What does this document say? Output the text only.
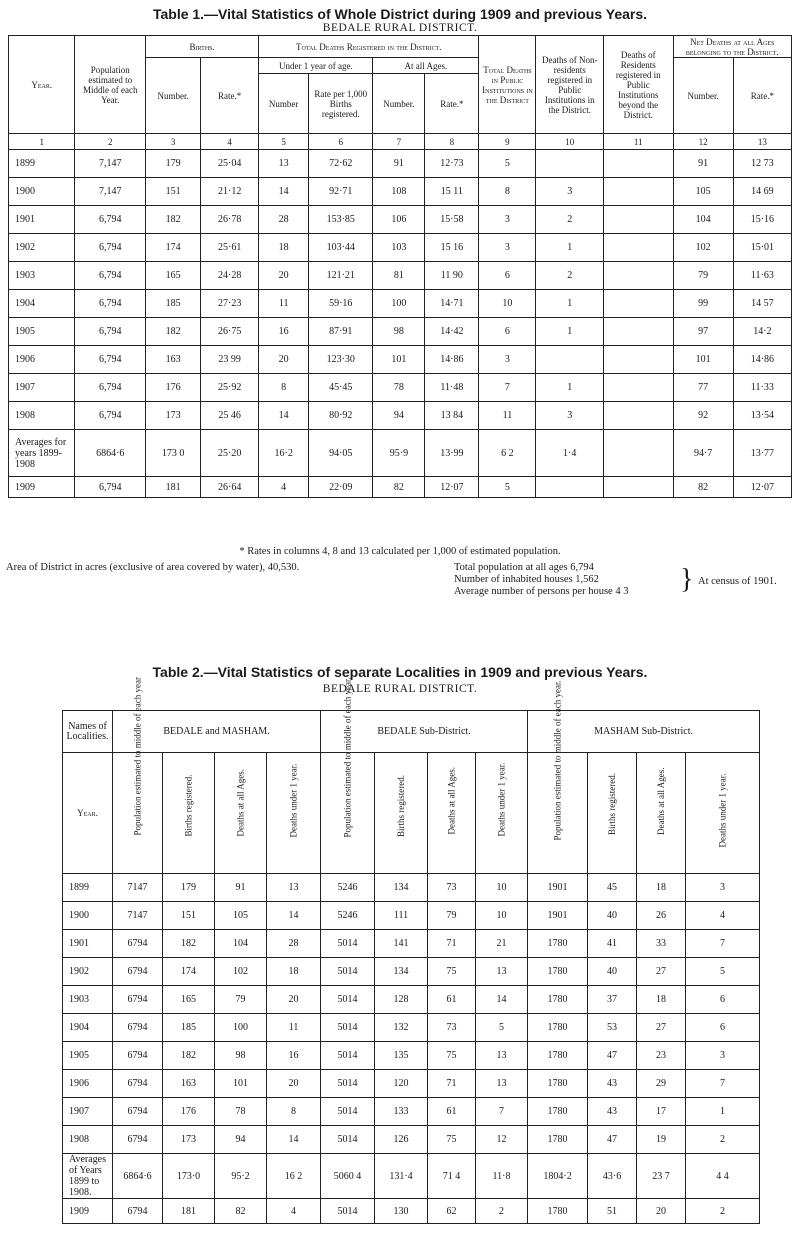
Table 1.—Vital Statistics of Whole District during 1909 and previous Years.
BEDALE RURAL DISTRICT.
Year.	Population estimated to Middle of each Year.	Births.		Total Deaths Registered in the District.				Total Deaths in Public Institutions in the District	Deaths of Non-residents registered in Public Institutions in the District.	Deaths of Residents registered in Public Institutions beyond the District.	Net Deaths at all Ages belonging to the District.	
		Number.	Rate.*	Under 1 year of age.		At all Ages.					Number.	Rate.*
				Number	Rate per 1,000 Births registered.	Number.	Rate.*					
1	2	3	4	5	6	7	8	9	10	11	12	13
1899	7,147	179	25·04	13	72·62	91	12·73	5			91	12 73
1900	7,147	151	21·12	14	92·71	108	15 11	8	3		105	14 69
1901	6,794	182	26·78	28	153·85	106	15·58	3	2		104	15·16
1902	6,794	174	25·61	18	103·44	103	15 16	3	1		102	15·01
1903	6,794	165	24·28	20	121·21	81	11 90	6	2		79	11·63
1904	6,794	185	27·23	11	59·16	100	14·71	10	1		99	14 57
1905	6,794	182	26·75	16	87·91	98	14·42	6	1		97	14·2
1906	6,794	163	23 99	20	123·30	101	14·86	3			101	14·86
1907	6,794	176	25·92	8	45·45	78	11·48	7	1		77	11·33
1908	6,794	173	25 46	14	80·92	94	13 84	11	3		92	13·54
Averages for years 1899-1908	6864·6	173 0	25·20	16·2	94·05	95·9	13·99	6 2	1·4		94·7	13·77
1909	6,794	181	26·64	4	22·09	82	12·07	5			82	12·07
* Rates in columns 4, 8 and 13 calculated per 1,000 of estimated population.
Area of District in acres (exclusive of area covered by water), 40,530.	Total population at all ages 6,794
Number of inhabited houses 1,562
Average number of persons per house 4 3 } At census of 1901.
Table 2.—Vital Statistics of separate Localities in 1909 and previous Years.
BEDALE RURAL DISTRICT.
Names of Localities.	BEDALE and MASHAM.				BEDALE Sub-District.				MASHAM Sub-District.			
Year.	Population estimated to middle of each year	Births registered.	Deaths at all Ages.	Deaths under 1 year.	Population estimated to middle of each year.	Births registered.	Deaths at all Ages.	Deaths under 1 year.	Population estimated to middle of each year.	Births registered.	Deaths at all Ages.	Deaths under 1 year.

1899	7147	179	91	13	5246	134	73	10	1901	45	18	3
1900	7147	151	105	14	5246	111	79	10	1901	40	26	4
1901	6794	182	104	28	5014	141	71	21	1780	41	33	7
1902	6794	174	102	18	5014	134	75	13	1780	40	27	5
1903	6794	165	79	20	5014	128	61	14	1780	37	18	6
1904	6794	185	100	11	5014	132	73	5	1780	53	27	6
1905	6794	182	98	16	5014	135	75	13	1780	47	23	3
1906	6794	163	101	20	5014	120	71	13	1780	43	29	7
1907	6794	176	78	8	5014	133	61	7	1780	43	17	1
1908	6794	173	94	14	5014	126	75	12	1780	47	19	2
Averages of Years 1899 to 1908.	6864·6	173·0	95·2	16 2	5060 4	131·4	71 4	11·8	1804·2	43·6	23 7	4 4
1909	6794	181	82	4	5014	130	62	2	1780	51	20	2
